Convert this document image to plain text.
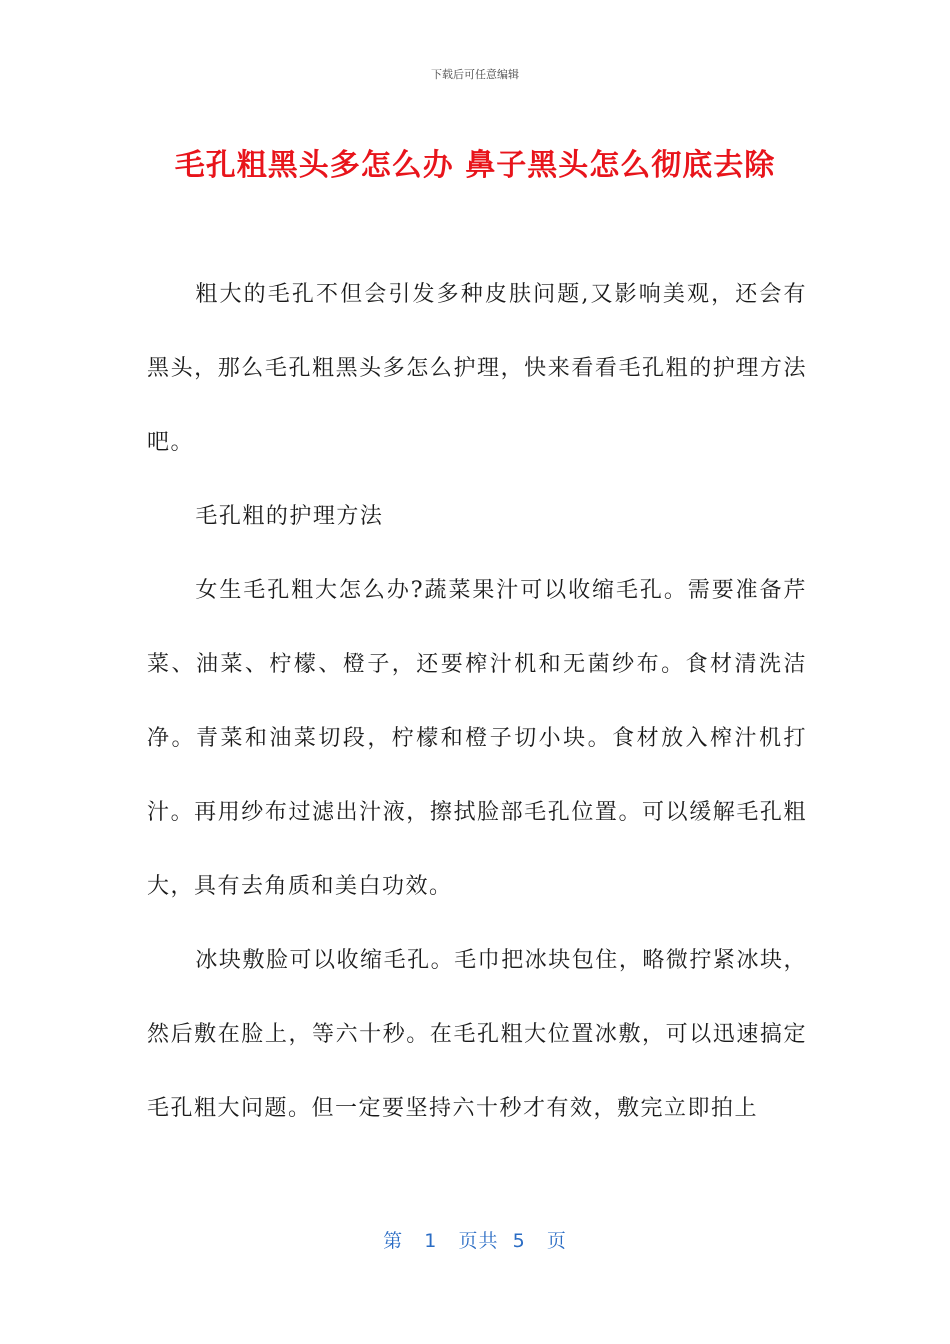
下载后可任意编辑
毛孔粗黑头多怎么办 鼻子黑头怎么彻底去除

粗大的毛孔不但会引发多种皮肤问题,又影响美观，还会有黑头，那么毛孔粗黑头多怎么护理，快来看看毛孔粗的护理方法吧。

毛孔粗的护理方法

女生毛孔粗大怎么办?蔬菜果汁可以收缩毛孔。需要准备芹菜、油菜、柠檬、橙子，还要榨汁机和无菌纱布。食材清洗洁净。青菜和油菜切段，柠檬和橙子切小块。食材放入榨汁机打汁。再用纱布过滤出汁液，擦拭脸部毛孔位置。可以缓解毛孔粗大，具有去角质和美白功效。

冰块敷脸可以收缩毛孔。毛巾把冰块包住，略微拧紧冰块，然后敷在脸上，等六十秒。在毛孔粗大位置冰敷，可以迅速搞定毛孔粗大问题。但一定要坚持六十秒才有效，敷完立即拍上

第 1 页共 5 页
